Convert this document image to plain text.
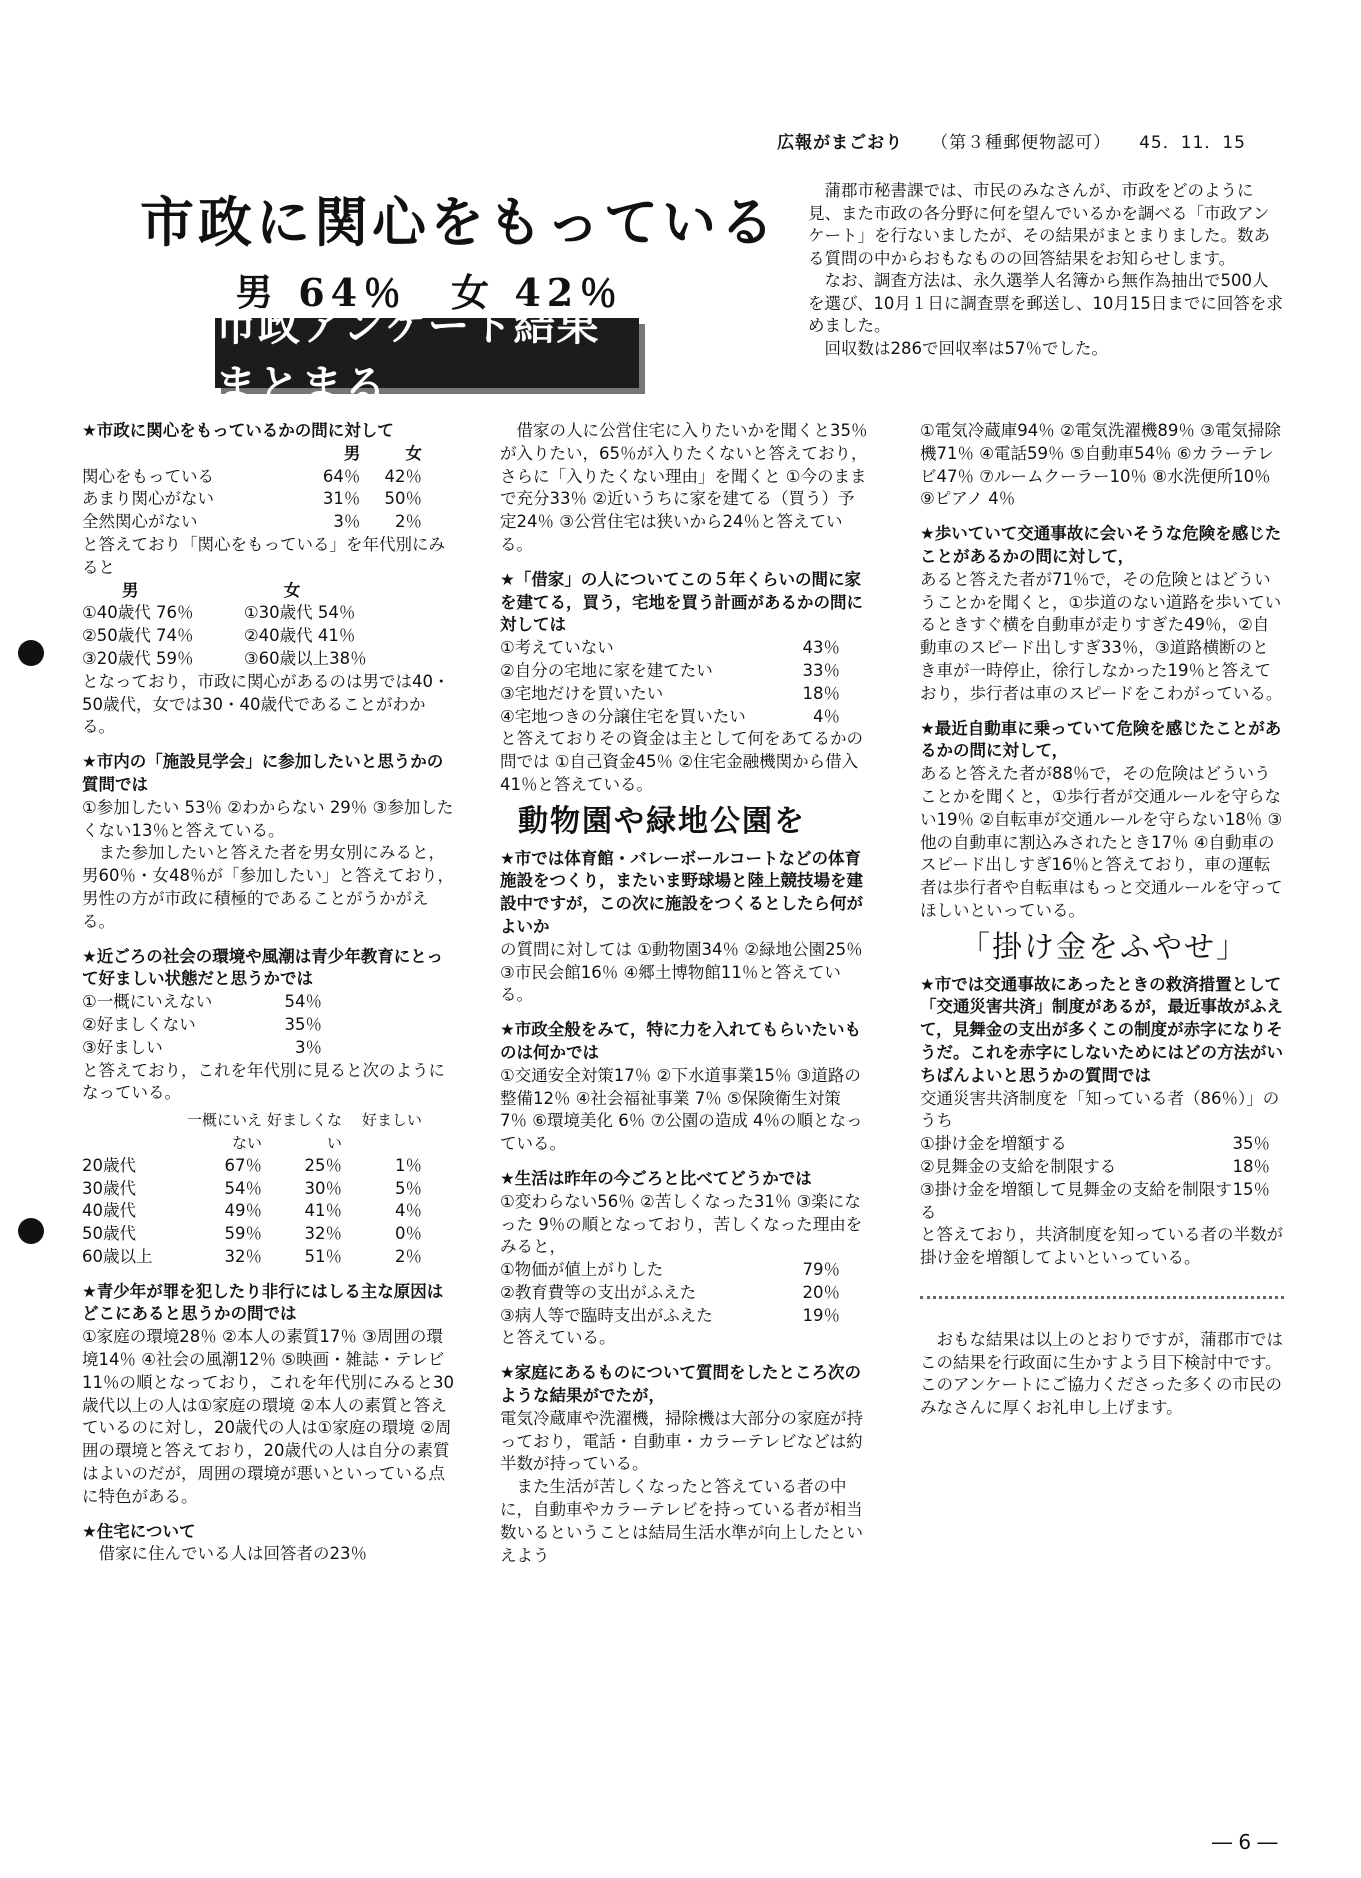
広報がまごおり （第３種郵便物認可） 45．11．15
市政に関心をもっている
男 64％　女 42％
市政アンケート結果まとまる

蒲郡市秘書課では、市民のみなさんが、市政をどのように見、また市政の各分野に何を望んでいるかを調べる「市政アンケート」を行ないましたが、その結果がまとまりました。数ある質問の中からおもなものの回答結果をお知らせします。

なお、調査方法は、永久選挙人名簿から無作為抽出で500人を選び、10月１日に調査票を郵送し、10月15日までに回答を求めました。

回収数は286で回収率は57％でした。

★市政に関心をもっているかの問に対して
	男	女
関心をもっている	64％	42％
あまり関心がない	31％	50％
全然関心がない	3％	2％

と答えており「関心をもっている」を年代別にみると

男	女
①40歳代 76％	①30歳代 54％
②50歳代 74％	②40歳代 41％
③20歳代 59％	③60歳以上38％

となっており，市政に関心があるのは男では40・50歳代，女では30・40歳代であることがわかる。

★市内の「施設見学会」に参加したいと思うかの質問では

①参加したい 53％ ②わからない 29％ ③参加したくない13％と答えている。

また参加したいと答えた者を男女別にみると，男60％・女48％が「参加したい」と答えており，男性の方が市政に積極的であることがうかがえる。

★近ごろの社会の環境や風潮は青少年教育にとって好ましい状態だと思うかでは
①一概にいえない	54％
②好ましくない	35％
③好ましい	3％

と答えており，これを年代別に見ると次のようになっている。

	一概にいえない	好ましくない	好ましい
20歳代	67％	25％	1％
30歳代	54％	30％	5％
40歳代	49％	41％	4％
50歳代	59％	32％	0％
60歳以上	32％	51％	2％
★青少年が罪を犯したり非行にはしる主な原因はどこにあると思うかの問では

①家庭の環境28％ ②本人の素質17％ ③周囲の環境14％ ④社会の風潮12％ ⑤映画・雑誌・テレビ11％の順となっており，これを年代別にみると30歳代以上の人は①家庭の環境 ②本人の素質と答えているのに対し，20歳代の人は①家庭の環境 ②周囲の環境と答えており，20歳代の人は自分の素質はよいのだが，周囲の環境が悪いといっている点に特色がある。

★住宅について

借家に住んでいる人は回答者の23％

借家の人に公営住宅に入りたいかを聞くと35％が入りたい，65％が入りたくないと答えており，さらに「入りたくない理由」を聞くと ①今のままで充分33％ ②近いうちに家を建てる（買う）予定24％ ③公営住宅は狭いから24％と答えている。

★「借家」の人についてこの５年くらいの間に家を建てる，買う，宅地を買う計画があるかの問に対しては
①考えていない	43％
②自分の宅地に家を建てたい	33％
③宅地だけを買いたい	18％
④宅地つきの分譲住宅を買いたい	4％

と答えておりその資金は主として何をあてるかの問では ①自己資金45％ ②住宅金融機関から借入41％と答えている。

動物園や緑地公園を
★市では体育館・バレーボールコートなどの体育施設をつくり，またいま野球場と陸上競技場を建設中ですが，この次に施設をつくるとしたら何がよいか

の質問に対しては ①動物園34％ ②緑地公園25％ ③市民会館16％ ④郷土博物館11％と答えている。

★市政全般をみて，特に力を入れてもらいたいものは何かでは

①交通安全対策17％ ②下水道事業15％ ③道路の整備12％ ④社会福祉事業 7％ ⑤保険衛生対策 7％ ⑥環境美化 6％ ⑦公園の造成 4％の順となっている。

★生活は昨年の今ごろと比べてどうかでは

①変わらない56％ ②苦しくなった31％ ③楽になった 9％の順となっており，苦しくなった理由をみると，

①物価が値上がりした	79％
②教育費等の支出がふえた	20％
③病人等で臨時支出がふえた	19％

と答えている。

★家庭にあるものについて質問をしたところ次のような結果がでたが，

電気冷蔵庫や洗濯機，掃除機は大部分の家庭が持っており，電話・自動車・カラーテレビなどは約半数が持っている。

また生活が苦しくなったと答えている者の中に，自動車やカラーテレビを持っている者が相当数いるということは結局生活水準が向上したといえよう

①電気冷蔵庫94％ ②電気洗濯機89％ ③電気掃除機71％ ④電話59％ ⑤自動車54％ ⑥カラーテレビ47％ ⑦ルームクーラー10％ ⑧水洗便所10％ ⑨ピアノ 4％

★歩いていて交通事故に会いそうな危険を感じたことがあるかの問に対して，

あると答えた者が71％で，その危険とはどういうことかを聞くと，①歩道のない道路を歩いているときすぐ横を自動車が走りすぎた49％，②自動車のスピード出しすぎ33％，③道路横断のとき車が一時停止，徐行しなかった19％と答えており，歩行者は車のスピードをこわがっている。

★最近自動車に乗っていて危険を感じたことがあるかの問に対して，

あると答えた者が88％で，その危険はどういうことかを聞くと，①歩行者が交通ルールを守らない19％ ②自転車が交通ルールを守らない18％ ③他の自動車に割込みされたとき17％ ④自動車のスピード出しすぎ16％と答えており，車の運転者は歩行者や自転車はもっと交通ルールを守ってほしいといっている。

「掛け金をふやせ」
★市では交通事故にあったときの救済措置として「交通災害共済」制度があるが，最近事故がふえて，見舞金の支出が多くこの制度が赤字になりそうだ。これを赤字にしないためにはどの方法がいちばんよいと思うかの質問では

交通災害共済制度を「知っている者（86％）」のうち

①掛け金を増額する	35％
②見舞金の支給を制限する	18％
③掛け金を増額して見舞金の支給を制限する	15％

と答えており，共済制度を知っている者の半数が掛け金を増額してよいといっている。

おもな結果は以上のとおりですが，蒲郡市ではこの結果を行政面に生かすよう目下検討中です。このアンケートにご協力くださった多くの市民のみなさんに厚くお礼申し上げます。

― 6 ―
